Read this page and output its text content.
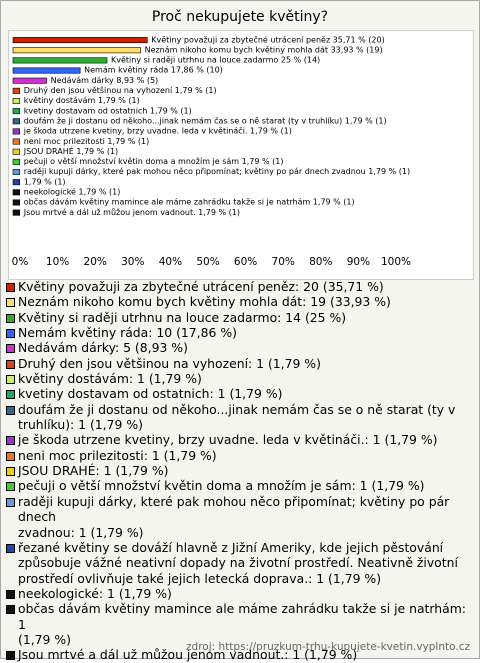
Proč nekupujete květiny?
Květiny považuji za zbytečné utrácení peněz 35,71 % (20)
Neznám nikoho komu bych květiny mohla dát 33,93 % (19)
Květiny si raději utrhnu na louce zadarmo 25 % (14)
Nemám květiny ráda 17,86 % (10)
Nedávám dárky 8,93 % (5)
Druhý den jsou většinou na vyhození 1,79 % (1)
květiny dostávám 1,79 % (1)
kvetiny dostavam od ostatnich 1,79 % (1)
doufám že ji dostanu od někoho...jinak nemám čas se o ně starat (ty v truhlíku) 1,79 % (1)
je škoda utrzene kvetiny, brzy uvadne. leda v květináči. 1,79 % (1)
neni moc prilezitosti 1,79 % (1)
JSOU DRAHÉ 1,79 % (1)
pečuji o větší množství květin doma a množím je sám 1,79 % (1)
raději kupuji dárky, které pak mohou něco připomínat; květiny po pár dnech zvadnou 1,79 % (1)
1,79 % (1)
neekologické 1,79 % (1)
občas dávám květiny mamince ale máme zahrádku takže si je natrhám 1,79 % (1)
Jsou mrtvé a dál už můžou jenom vadnout. 1,79 % (1)
Květiny považuji za zbytečné utrácení peněz: 20 (35,71 %)
Neznám nikoho komu bych květiny mohla dát: 19 (33,93 %)
Květiny si raději utrhnu na louce zadarmo: 14 (25 %)
Nemám květiny ráda: 10 (17,86 %)
Nedávám dárky: 5 (8,93 %)
Druhý den jsou většinou na vyhození: 1 (1,79 %)
květiny dostávám: 1 (1,79 %)
kvetiny dostavam od ostatnich: 1 (1,79 %)
doufám že ji dostanu od někoho...jinak nemám čas se o ně starat (ty v
truhlíku): 1 (1,79 %)
je škoda utrzene kvetiny, brzy uvadne. leda v květináči.: 1 (1,79 %)
neni moc prilezitosti: 1 (1,79 %)
JSOU DRAHÉ: 1 (1,79 %)
pečuji o větší množství květin doma a množím je sám: 1 (1,79 %)
raději kupuji dárky, které pak mohou něco připomínat; květiny po pár dnech
zvadnou: 1 (1,79 %)
řezané květiny se dováží hlavně z Jižní Ameriky, kde jejich pěstování
způsobuje vážné neativní dopady na životní prostředí. Neativně životní
prostředí ovlivňuje také jejich letecká doprava.: 1 (1,79 %)
neekologické: 1 (1,79 %)
občas dávám květiny mamince ale máme zahrádku takže si je natrhám: 1
(1,79 %)
Jsou mrtvé a dál už můžou jenom vadnout.: 1 (1,79 %)
zdroj: https://pruzkum-trhu-kupujete-kvetin.vyplnto.cz
0% 10% 20% 30% 40% 50% 60% 70% 80% 90% 100%
